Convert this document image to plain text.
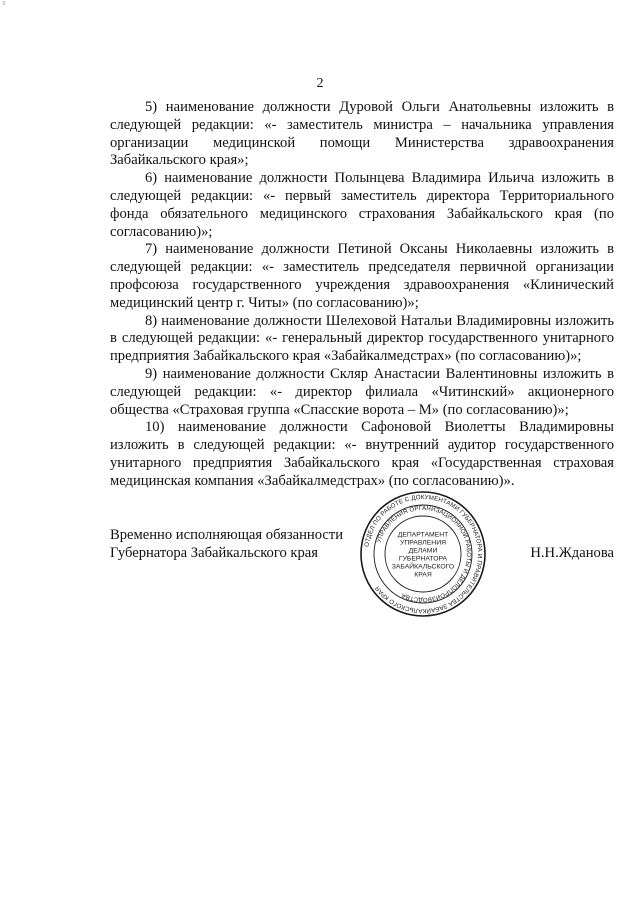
з
2

5) наименование должности Дуровой Ольги Анатольевны изложить в следующей редакции: «- заместитель министра – начальника управления организации медицинской помощи Министерства здравоохранения Забайкальского края»;

6) наименование должности Полынцева Владимира Ильича изложить в следующей редакции: «- первый заместитель директора Территориального фонда обязательного медицинского страхования Забайкальского края (по согласованию)»;

7) наименование должности Петиной Оксаны Николаевны изложить в следующей редакции: «- заместитель председателя первичной организации профсоюза государственного учреждения здравоохранения «Клинический медицинский центр г. Читы» (по согласованию)»;

8) наименование должности Шелеховой Натальи Владимировны изложить в следующей редакции: «- генеральный директор государственного унитарного предприятия Забайкальского края «Забайкалмедстрах» (по согласованию)»;

9) наименование должности Скляр Анастасии Валентиновны изложить в следующей редакции: «- директор филиала «Читинский» акционерного общества «Страховая группа «Спасские ворота – М» (по согласованию)»;

10) наименование должности Сафоновой Виолетты Владимировны изложить в следующей редакции: «- внутренний аудитор государственного унитарного предприятия Забайкальского края «Государственная страховая медицинская компания «Забайкалмедстрах» (по согласованию)».

Временно исполняющая обязанности
Губернатора Забайкальского края	Н.Н.Жданова
ОТДЕЛ ПО РАБОТЕ С ДОКУМЕНТАМИ ГУБЕРНАТОРА И ПРАВИТЕЛЬСТВА ЗАБАЙКАЛЬСКОГО КРАЯ
УПРАВЛЕНИЯ ОРГАНИЗАЦИОННОЙ РАБОТЫ И ДЕЛОПРОИЗВОДСТВА
ДЕПАРТАМЕНТ
УПРАВЛЕНИЯ
ДЕЛАМИ
ГУБЕРНАТОРА
ЗАБАЙКАЛЬСКОГО
КРАЯ
